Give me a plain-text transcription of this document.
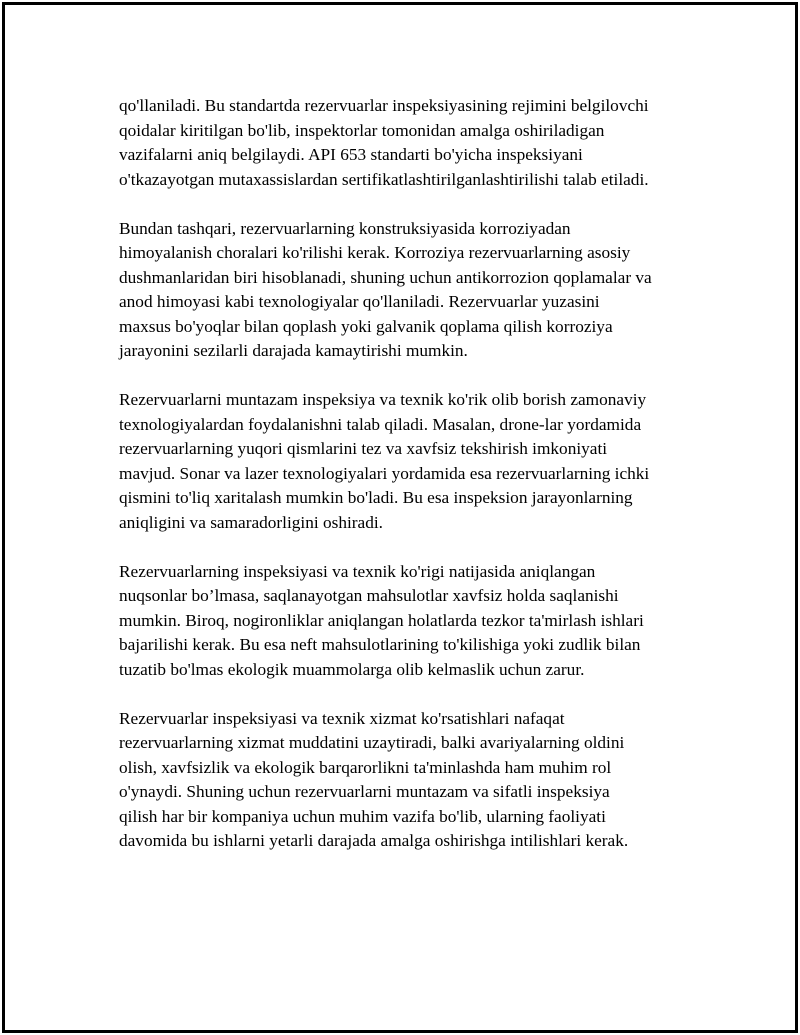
qo'llaniladi. Bu standartda rezervuarlar inspeksiyasining rejimini belgilovchi
qoidalar kiritilgan bo'lib, inspektorlar tomonidan amalga oshiriladigan
vazifalarni aniq belgilaydi. API 653 standarti bo'yicha inspeksiyani
o'tkazayotgan mutaxassislardan sertifikatlashtirilganlashtirilishi talab etiladi.

Bundan tashqari, rezervuarlarning konstruksiyasida korroziyadan
himoyalanish choralari ko'rilishi kerak. Korroziya rezervuarlarning asosiy
dushmanlaridan biri hisoblanadi, shuning uchun antikorrozion qoplamalar va
anod himoyasi kabi texnologiyalar qo'llaniladi. Rezervuarlar yuzasini
maxsus bo'yoqlar bilan qoplash yoki galvanik qoplama qilish korroziya
jarayonini sezilarli darajada kamaytirishi mumkin.

Rezervuarlarni muntazam inspeksiya va texnik ko'rik olib borish zamonaviy
texnologiyalardan foydalanishni talab qiladi. Masalan, drone-lar yordamida
rezervuarlarning yuqori qismlarini tez va xavfsiz tekshirish imkoniyati
mavjud. Sonar va lazer texnologiyalari yordamida esa rezervuarlarning ichki
qismini to'liq xaritalash mumkin bo'ladi. Bu esa inspeksion jarayonlarning
aniqligini va samaradorligini oshiradi.

Rezervuarlarning inspeksiyasi va texnik ko'rigi natijasida aniqlangan
nuqsonlar bo’lmasa, saqlanayotgan mahsulotlar xavfsiz holda saqlanishi
mumkin. Biroq, nogironliklar aniqlangan holatlarda tezkor ta'mirlash ishlari
bajarilishi kerak. Bu esa neft mahsulotlarining to'kilishiga yoki zudlik bilan
tuzatib bo'lmas ekologik muammolarga olib kelmaslik uchun zarur.

Rezervuarlar inspeksiyasi va texnik xizmat ko'rsatishlari nafaqat
rezervuarlarning xizmat muddatini uzaytiradi, balki avariyalarning oldini
olish, xavfsizlik va ekologik barqarorlikni ta'minlashda ham muhim rol
o'ynaydi. Shuning uchun rezervuarlarni muntazam va sifatli inspeksiya
qilish har bir kompaniya uchun muhim vazifa bo'lib, ularning faoliyati
davomida bu ishlarni yetarli darajada amalga oshirishga intilishlari kerak.
